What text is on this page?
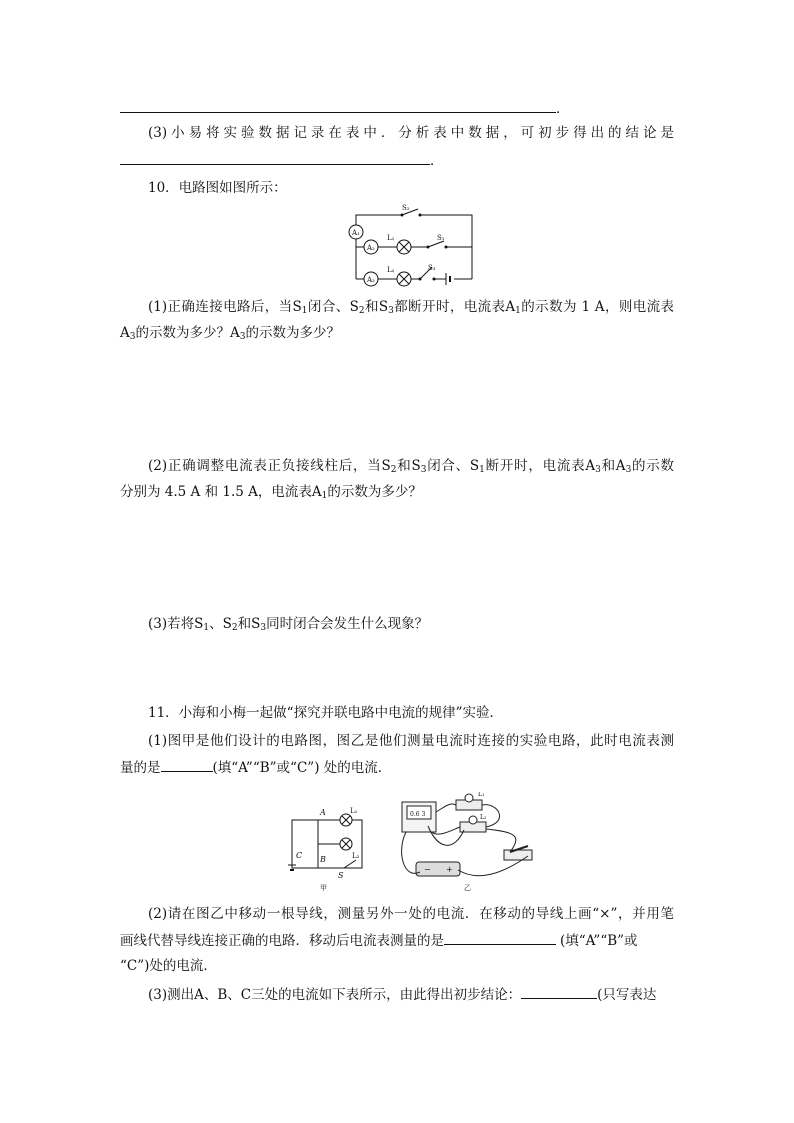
．
(3)小易将实验数据记录在表中．分析表中数据，可初步得出的结论是
．
10．电路图如图所示：
S₂
S₁
S₃
A₁
A₂
A₃
L₁
L₂
(1)正确连接电路后，当$S_1$闭合、$S_2$和$S_3$都断开时，电流表$A_1$的示数为 1 A，则电流表
$A_3$的示数为多少？$A_3$的示数为多少？
(2)正确调整电流表正负接线柱后，当$S_2$和$S_3$闭合、$S_1$断开时，电流表$A_3$和$A_3$的示数
分别为 4.5 A 和 1.5 A，电流表$A_1$的示数为多少？
(3)若将$S_1$、$S_2$和$S_3$同时闭合会发生什么现象？
11．小海和小梅一起做“探究并联电路中电流的规律”实验．
(1)图甲是他们设计的电路图，图乙是他们测量电流时连接的实验电路，此时电流表测
量的是	(填“A”“B”或“C”) 处的电流．
A
B
C
S
L₁
L₂
甲
0.6 3
L₁
L₂
− +
乙
(2)请在图乙中移动一根导线，测量另外一处的电流．在移动的导线上画“×”，并用笔
画线代替导线连接正确的电路．移动后电流表测量的是	(填“A”“B”或
“C”)处的电流．
(3)测出A、B、C三处的电流如下表所示，由此得出初步结论：	(只写表达
